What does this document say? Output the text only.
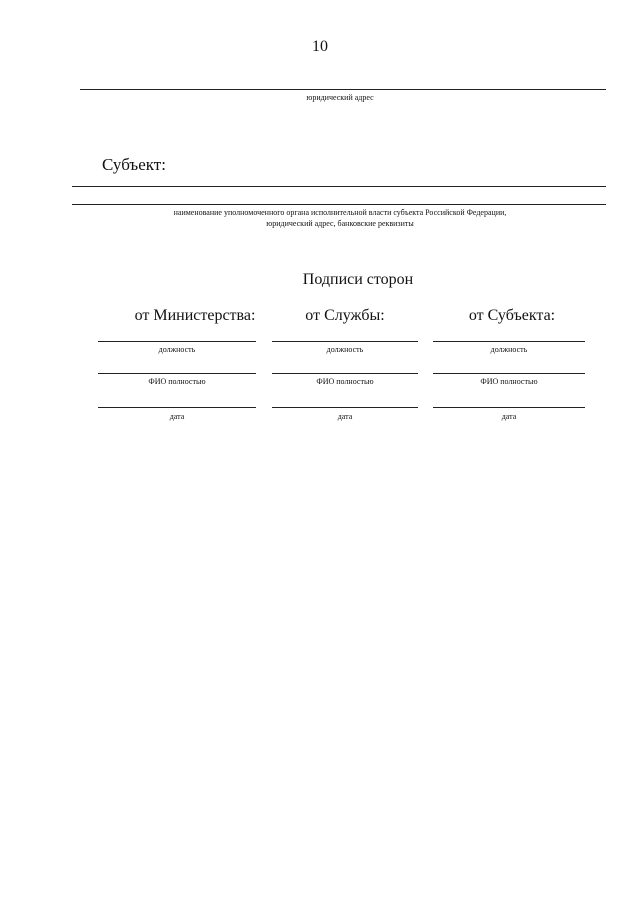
10
юридический адрес
Субъект:
наименование уполномоченного органа исполнительной власти субъекта Российской Федерации,
юридический адрес, банковские реквизиты
Подписи сторон
от Министерства:
должность
ФИО полностью
дата
от Службы:
должность
ФИО полностью
дата
от Субъекта:
должность
ФИО полностью
дата
